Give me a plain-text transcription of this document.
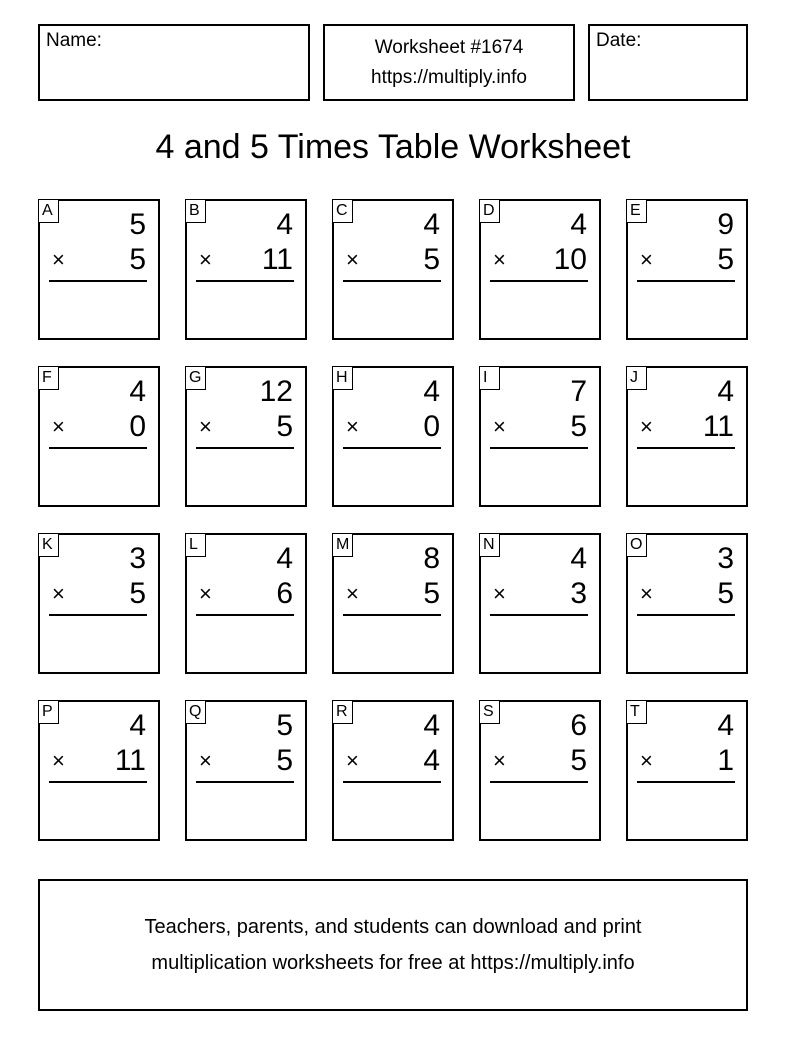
Name:	Worksheet #1674
https://multiply.info
Date:
4 and 5 Times Table Worksheet
A	5
× 5
B	4
× 11
C	4
× 5
D	4
× 10
E	9
× 5
F	4
× 0
G 12
× 5
H	4
× 0
I	7
× 5
J	4
× 11
K	3
× 5
L	4
× 6
M 8
× 5
N	4
× 3
O 3
× 5
P	4
× 11
Q 5
× 5
R	4
× 4
S	6
× 5
T	4
× 1
Teachers, parents, and students can download and print
multiplication worksheets for free at https://multiply.info
